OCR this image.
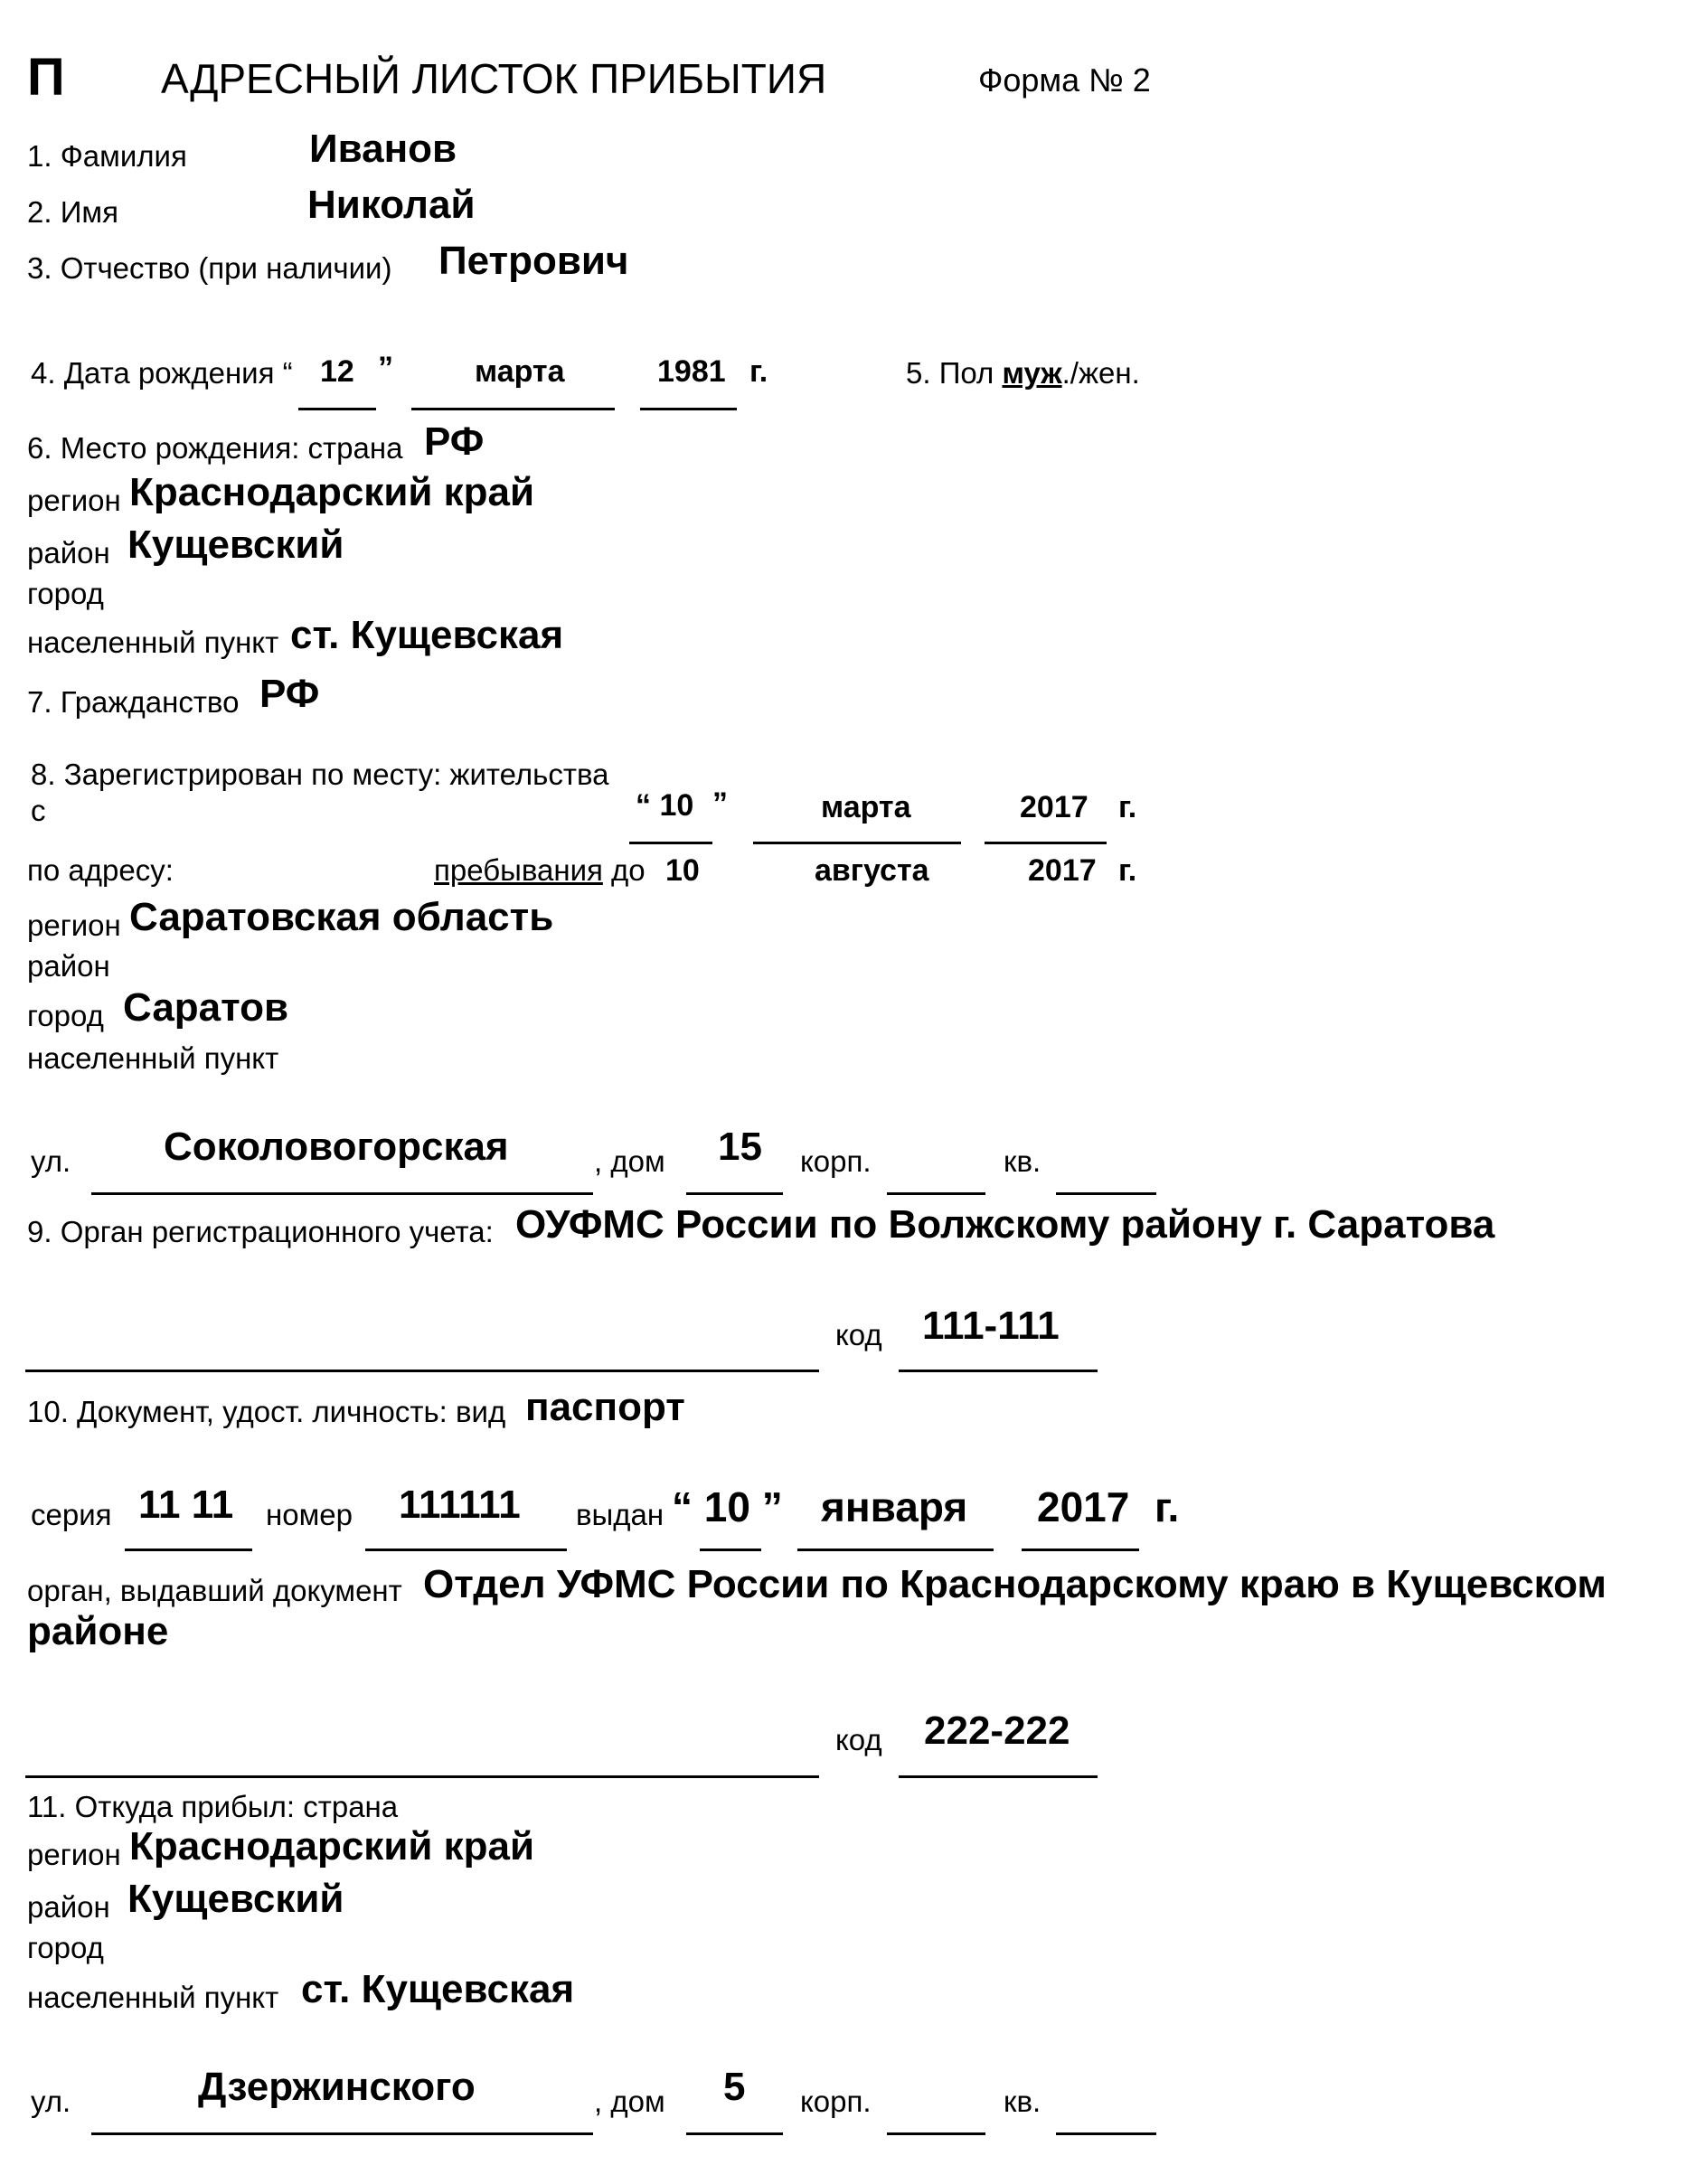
П АДРЕСНЫЙ ЛИСТОК ПРИБЫТИЯ	Форма № 2
1. Фамилия	Иванов
2. Имя	Николай
3. Отчество (при наличии) Петрович
4. Дата рождения “ 12 ”	марта	1981 г.	5. Пол муж./жен.
6. Место рождения: страна РФ
регион Краснодарский край
район Кущевский
город
населенный пункт ст. Кущевская
7. Гражданство РФ
8. Зарегистрирован по месту: жительства
с	“ 10 ”	марта	2017 г.
по адресу:	пребывания до 10	августа	2017 г.
регион Саратовская область
район
город Саратов
населенный пункт
ул. Соколовогорская	, дом 15 корп.	кв.
9. Орган регистрационного учета: ОУФМС России по Волжскому району г. Саратова
код 111-111
10. Документ, удост. личность: вид паспорт
серия 11 11 номер 111111 выдан “ 10 ” января 2017 г.
орган, выдавший документ Отдел УФМС России по Краснодарскому краю в Кущевском
районе
код 222-222
11. Откуда прибыл: страна
регион Краснодарский край
район Кущевский
город
населенный пункт ст. Кущевская
ул.	Дзержинского	, дом 5 корп.	кв.
